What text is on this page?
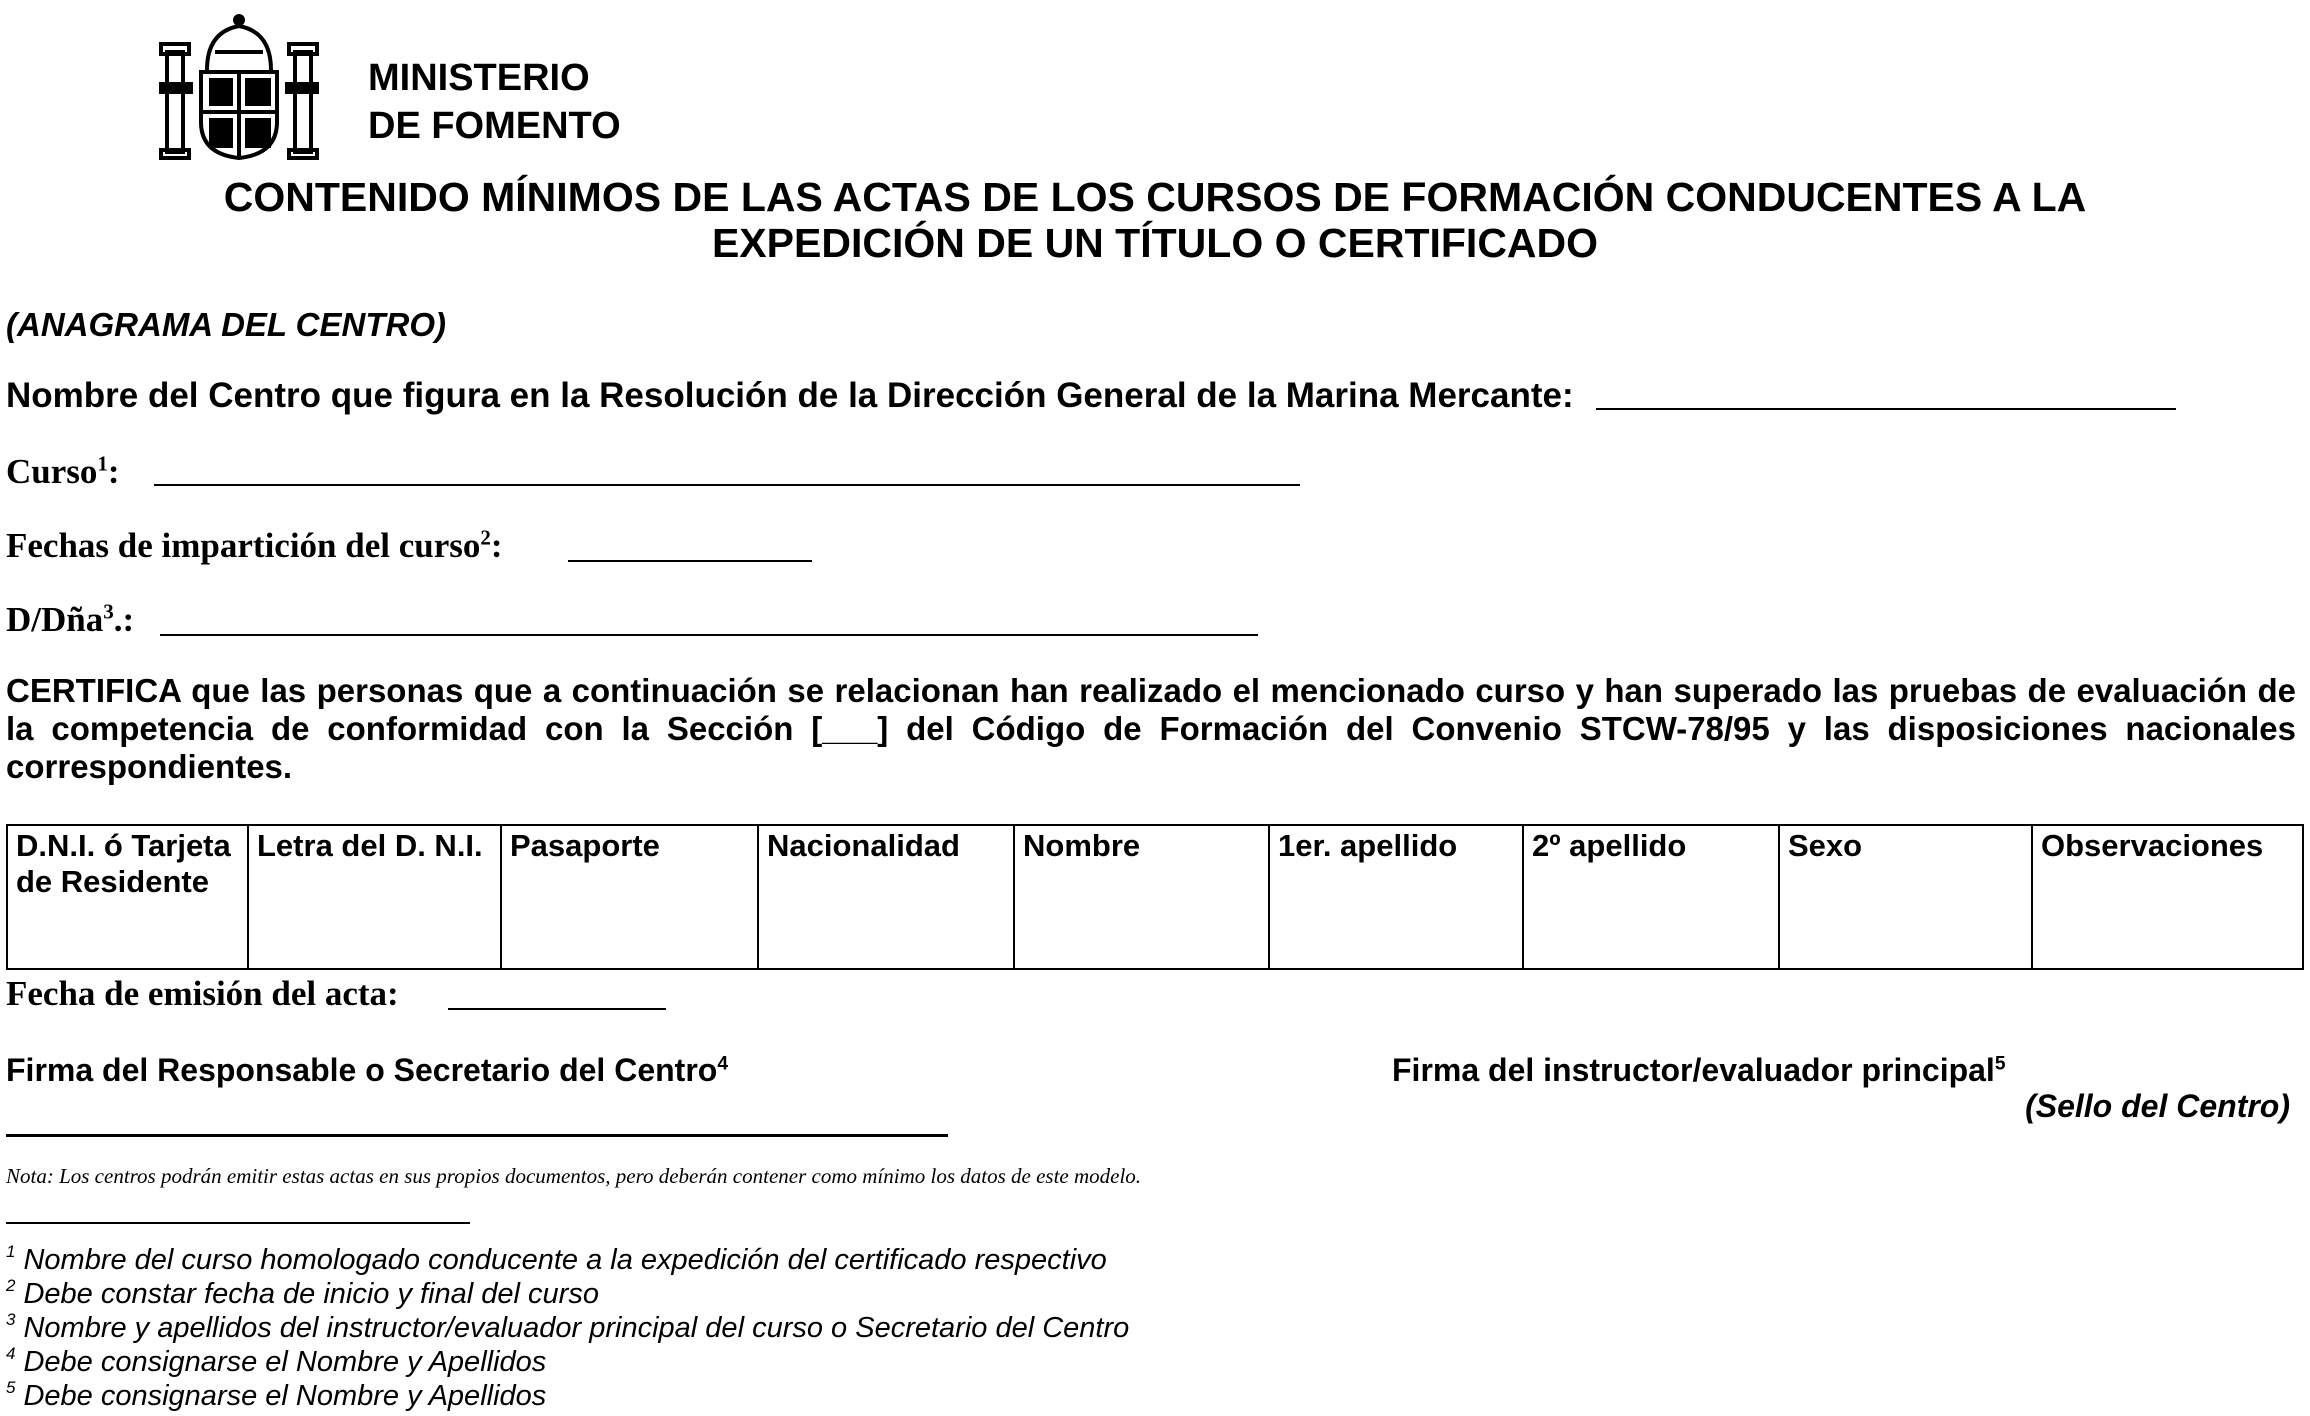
MINISTERIO
DE FOMENTO
CONTENIDO MÍNIMOS DE LAS ACTAS DE LOS CURSOS DE FORMACIÓN CONDUCENTES A LA
EXPEDICIÓN DE UN TÍTULO O CERTIFICADO
(ANAGRAMA DEL CENTRO)
Nombre del Centro que figura en la Resolución de la Dirección General de la Marina Mercante:
Curso$^1$:
Fechas de impartición del curso$^2$:
D/Dña$^3$.:
CERTIFICA que las personas que a continuación se relacionan han realizado el mencionado curso y han superado las pruebas de evaluación de la competencia de conformidad con la Sección [___] del Código de Formación del Convenio STCW-78/95 y las disposiciones nacionales correspondientes.
D.N.I. ó Tarjeta de Residente	Letra del D. N.I.	Pasaporte	Nacionalidad	Nombre	1er. apellido	2º apellido	Sexo	Observaciones
Fecha de emisión del acta:
Firma del Responsable o Secretario del Centro$^4$	Firma del instructor/evaluador principal$^5$
(Sello del Centro)
Nota: Los centros podrán emitir estas actas en sus propios documentos, pero deberán contener como mínimo los datos de este modelo.
$^1$ Nombre del curso homologado conducente a la expedición del certificado respectivo
$^2$ Debe constar fecha de inicio y final del curso
$^3$ Nombre y apellidos del instructor/evaluador principal del curso o Secretario del Centro
$^4$ Debe consignarse el Nombre y Apellidos
$^5$ Debe consignarse el Nombre y Apellidos
